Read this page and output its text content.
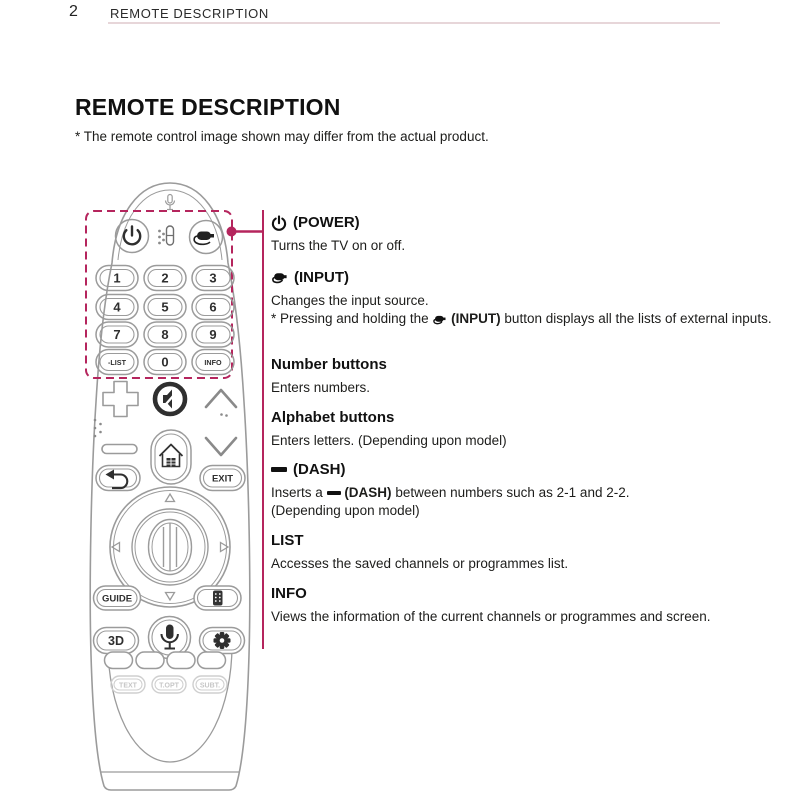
2 REMOTE DESCRIPTION
REMOTE DESCRIPTION

* The remote control image shown may differ from the actual product.

1	2	3
4	5	6
7	8	9
-LIST	0	INFO
EXIT
GUIDE
3D
TEXT	T.OPT	SUBT.
(POWER)
Turns the TV on or off.
(INPUT)
Changes the input source.
* Pressing and holding the (INPUT) button displays all the lists of external inputs.
Number buttons
Enters numbers.
Alphabet buttons
Enters letters. (Depending upon model)
(DASH)
Inserts a (DASH) between numbers such as 2-1 and 2-2.
(Depending upon model)
LIST
Accesses the saved channels or programmes list.
INFO
Views the information of the current channels or programmes and screen.
